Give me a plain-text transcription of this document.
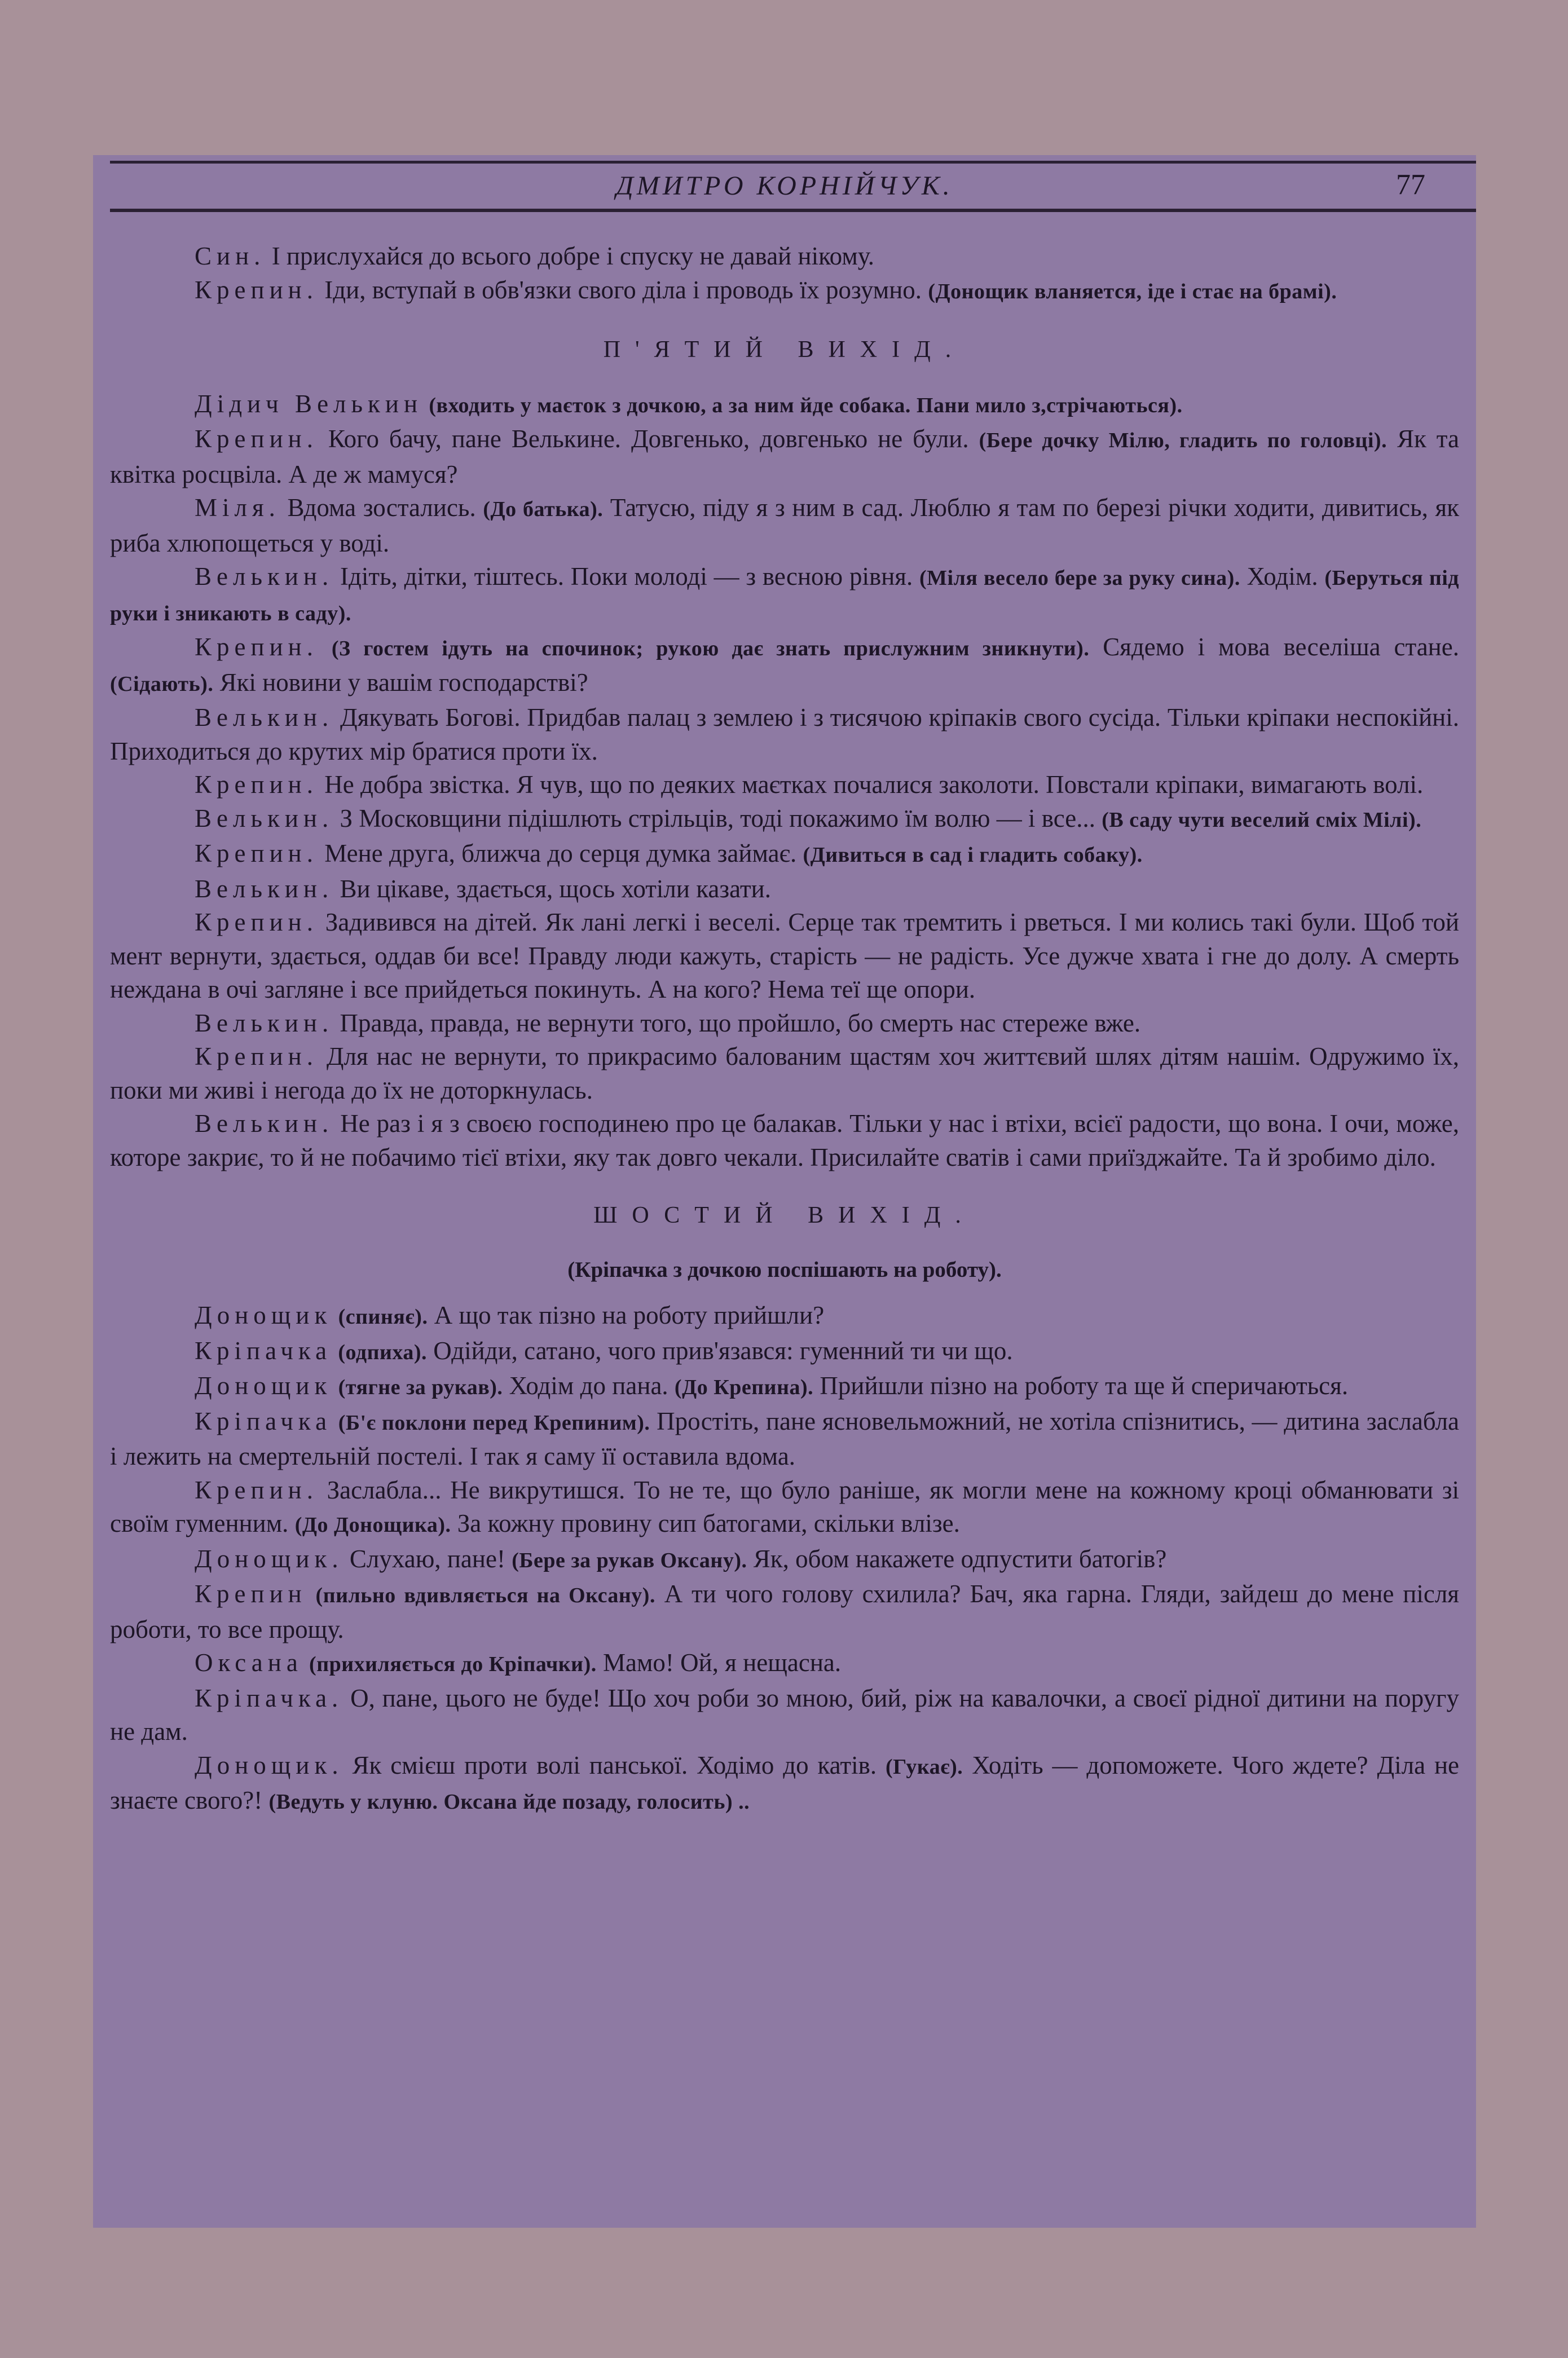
ДМИТРО КОРНІЙЧУК.	77

Син. І прислухайся до всього добре і спуску не давай нікому.

Крепин. Іди, вступай в обв'язки свого діла і проводь їх розумно. (Донощик вланяется, іде і стає на брамі).

П'ЯТИЙ ВИХІД.

Дідич Велькин (входить у маєток з дочкою, а за ним йде собака. Пани мило з,стрічаються).

Крепин. Кого бачу, пане Велькине. Довгенько, довгенько не були. (Бере дочку Мілю, гладить по головці). Як та квітка росцвіла. А де ж мамуся?

Міля. Вдома зостались. (До батька). Татусю, піду я з ним в сад. Люблю я там по березі річки ходити, дивитись, як риба хлюпощеться у воді.

Велькин. Ідіть, дітки, тіштесь. Поки молоді — з весною рівня. (Міля весело бере за руку сина). Ходім. (Беруться під руки і зникають в саду).

Крепин. (З гостем ідуть на спочинок; рукою дає знать прислужним зникнути). Сядемо і мова веселіша стане. (Сідають). Які новини у вашім господарстві?

Велькин. Дякувать Богові. Придбав палац з землею і з тисячою кріпаків свого сусіда. Тільки кріпаки неспокійні. Приходиться до крутих мір братися проти їх.

Крепин. Не добра звістка. Я чув, що по деяких маєтках почалися заколоти. Повстали кріпаки, вимагають волі.

Велькин. З Московщини підішлють стрільців, тоді покажимо їм волю — і все... (В саду чути веселий сміх Мілі).

Крепин. Мене друга, ближча до серця думка займає. (Дивиться в сад і гладить собаку).

Велькин. Ви цікаве, здається, щось хотіли казати.

Крепин. Задивився на дітей. Як лані легкі і веселі. Серце так тремтить і рветься. І ми колись такі були. Щоб той мент вернути, здається, оддав би все! Правду люди кажуть, старість — не радість. Усе дужче хвата і гне до долу. А смерть неждана в очі загляне і все прийдеться покинуть. А на кого? Нема теї ще опори.

Велькин. Правда, правда, не вернути того, що пройшло, бо смерть нас стереже вже.

Крепин. Для нас не вернути, то прикрасимо балованим щастям хоч життєвий шлях дітям нашім. Одружимо їх, поки ми живі і негода до їх не доторкнулась.

Велькин. Не раз і я з своєю господинею про це балакав. Тільки у нас і втіхи, всієї радости, що вона. І очи, може, которе закриє, то й не побачимо тієї втіхи, яку так довго чекали. Присилайте сватів і сами приїзджайте. Та й зробимо діло.

ШОСТИЙ ВИХІД.

(Кріпачка з дочкою поспішають на роботу).

Донощик (спиняє). А що так пізно на роботу прийшли?

Кріпачка (одпиха). Одійди, сатано, чого прив'язався: гуменний ти чи що.

Донощик (тягне за рукав). Ходім до пана. (До Крепина). Прийшли пізно на роботу та ще й сперичаються.

Кріпачка (Б'є поклони перед Крепиним). Простіть, пане ясновельможний, не хотіла спізнитись, — дитина заслабла і лежить на смертельній постелі. І так я саму її оставила вдома.

Крепин. Заслабла... Не викрутишся. То не те, що було раніше, як могли мене на кожному кроці обманювати зі своїм гуменним. (До Донощика). За кожну провину сип батогами, скільки влізе.

Донощик. Слухаю, пане! (Бере за рукав Оксану). Як, обом накажете одпустити батогів?

Крепин (пильно вдивляється на Оксану). А ти чого голову схилила? Бач, яка гарна. Гляди, зайдеш до мене після роботи, то все прощу.

Оксана (прихиляється до Кріпачки). Мамо! Ой, я нещасна.

Кріпачка. О, пане, цього не буде! Що хоч роби зо мною, бий, ріж на кавалочки, а своєї рідної дитини на поругу не дам.

Донощик. Як смієш проти волі панської. Ходімо до катів. (Гукає). Ходіть — допоможете. Чого ждете? Діла не знаєте свого?! (Ведуть у клуню. Оксана йде позаду, голосить) ..
